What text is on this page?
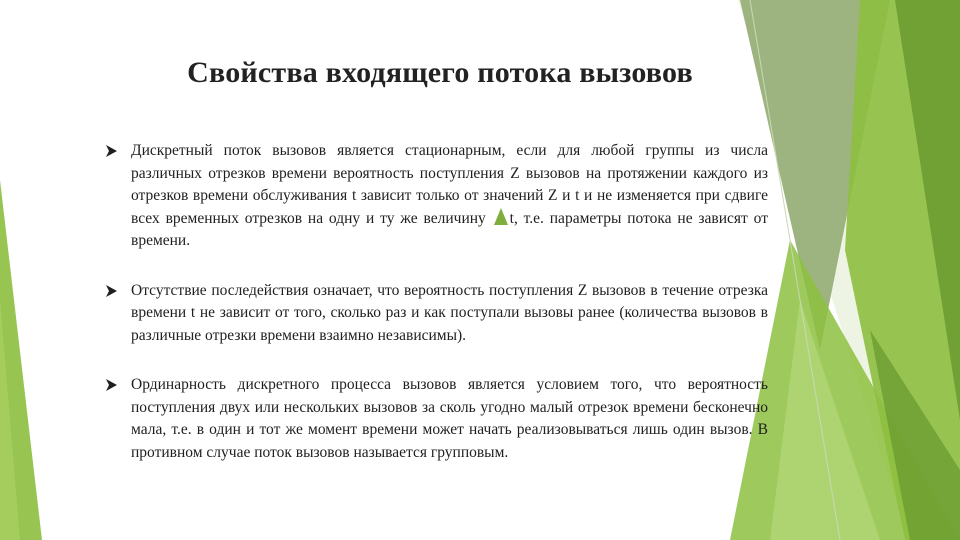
Свойства входящего потока вызовов
Дискретный поток вызовов является стационарным, если для любой группы из числа различных отрезков времени вероятность поступления Z вызовов на протяжении каждого из отрезков времени обслуживания t зависит только от значений Z и t и не изменяется при сдвиге всех временных отрезков на одну и ту же величину t, т.е. параметры потока не зависят от времени.
Отсутствие последействия означает, что вероятность поступления Z вызовов в течение отрезка времени t не зависит от того, сколько раз и как поступали вызовы ранее (количества вызовов в различные отрезки времени взаимно независимы).
Ординарность дискретного процесса вызовов является условием того, что вероятность поступления двух или нескольких вызовов за сколь угодно малый отрезок времени бесконечно мала, т.е. в один и тот же момент времени может начать реализовываться лишь один вызов. В противном случае поток вызовов называется групповым.
